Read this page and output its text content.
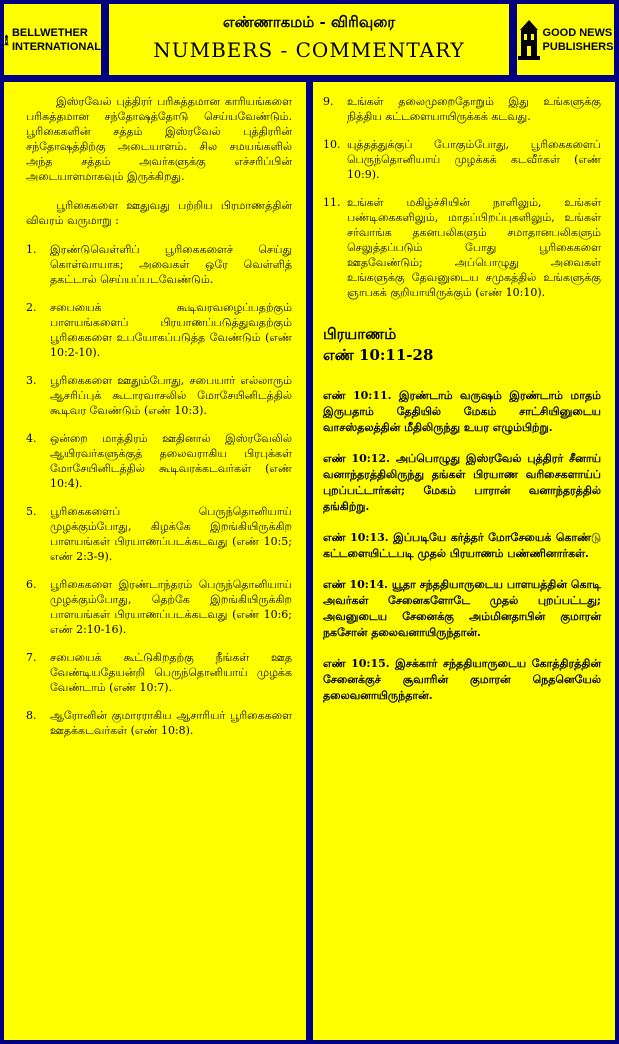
BELLWETHER
INTERNATIONAL
எண்ணாகமம் - விரிவுரை
NUMBERS - COMMENTARY
GOOD NEWS
PUBLISHERS

இஸ்ரவேல் புத்திரர் பரிசுத்தமான காரியங்களை பரிசுத்தமான சந்தோஷத்தோடு செய்யவேண்டும். பூரிகைகளின் சத்தம் இஸ்ரவேல் புத்திரரின் சந்தோஷத்திற்கு அடையாளம். சில சமயங்களில் அந்த சத்தம் அவர்களுக்கு எச்சரிப்பின் அடையாளமாகவும் இருக்கிறது.

பூரிகைகளை ஊதுவது பற்றிய பிரமாணத்தின் விவரம் வருமாறு :

1.	இரண்டுவெள்ளிப் பூரிகைகளைச் செய்து கொள்வாயாக; அவைகள் ஒரே வெள்ளித் தகட்டால் செய்யப்படவேண்டும்.
2.	சபையைக் கூடிவரவழைப்பதற்கும் பாளயங்களைப் பிரயாணப்படுத்துவதற்கும் பூரிகைகளை உபயோகப்படுத்த வேண்டும் (எண் 10:2-10).
3.	பூரிகைகளை ஊதும்போது, சபையார் எல்லாரும் ஆசரிப்புக் கூடாரவாசலில் மோசேயினிடத்தில் கூடிவர வேண்டும் (எண் 10:3).
4.	ஒன்றை மாத்திரம் ஊதினால் இஸ்ரவேலில் ஆயிரவர்களுக்குத் தலைவராகிய பிரபுக்கள் மோசேயினிடத்தில் கூடிவரக்கடவர்கள் (எண் 10:4).
5.	பூரிகைகளைப் பெருந்தொனியாய் முழக்கும்போது, கிழக்கே இறங்கியிருக்கிற பாளயங்கள் பிரயாணப்படக்கடவது (எண் 10:5; எண் 2:3-9).
6.	பூரிகைகளை இரண்டாந்தரம் பெருந்தொனியாய் முழக்கும்போது, தெற்கே இறங்கியிருக்கிற பாளயங்கள் பிரயாணப்படக்கடவது (எண் 10:6; எண் 2:10-16).
7.	சபையைக் கூட்டுகிறதற்கு நீங்கள் ஊத வேண்டியதேயன்றி பெருந்தொனியாய் முழக்க வேண்டாம் (எண் 10:7).
8.	ஆரோனின் குமாரராகிய ஆசாரியர் பூரிகைகளை ஊதக்கடவர்கள் (எண் 10:8).
9.	உங்கள் தலைமுறைதோறும் இது உங்களுக்கு நித்திய கட்டளையாயிருக்கக் கடவது.
10. யுத்தத்துக்குப் போகும்போது, பூரிகைகளைப் பெருந்தொனியாய் முழக்கக் கடவீர்கள் (எண் 10:9).
11. உங்கள் மகிழ்ச்சியின் நாளிலும், உங்கள் பண்டிகைகளிலும், மாதப்பிறப்புகளிலும், உங்கள் சர்வாங்க தகனபலிகளும் சமாதானபலிகளும் செலுத்தப்படும் போது பூரிகைகளை ஊதவேண்டும்; அப்பொழுது அவைகள் உங்களுக்கு தேவனுடைய சமுகத்தில் உங்களுக்கு ஞாபகக் குறியாயிருக்கும் (எண் 10:10).
பிரயாணம்
எண் 10:11-28

எண் 10:11. இரண்டாம் வருஷம் இரண்டாம் மாதம் இருபதாம் தேதியில் மேகம் சாட்சியினுடைய வாசஸ்தலத்தின் மீதிலிருந்து உயர எழும்பிற்று.

எண் 10:12. அப்பொழுது இஸ்ரவேல் புத்திரர் சீனாய் வனாந்தரத்திலிருந்து தங்கள் பிரயாண வரிசைகளாய்ப் புறப்பட்டார்கள்; மேகம் பாரான் வனாந்தரத்தில் தங்கிற்று.

எண் 10:13. இப்படியே கர்த்தர் மோசேயைக் கொண்டு கட்டளையிட்டபடி முதல் பிரயாணம் பண்ணினார்கள்.

எண் 10:14. யூதா சந்ததியாருடைய பாளயத்தின் கொடி அவர்கள் சேனைகளோடே முதல் புறப்பட்டது; அவனுடைய சேனைக்கு அம்மினதாபின் குமாரன் நகசோன் தலைவனாயிருந்தான்.

எண் 10:15. இசக்கார் சந்ததியாருடைய கோத்திரத்தின் சேனைக்குச் சூவாரின் குமாரன் நெதனெயேல் தலைவனாயிருந்தான்.
